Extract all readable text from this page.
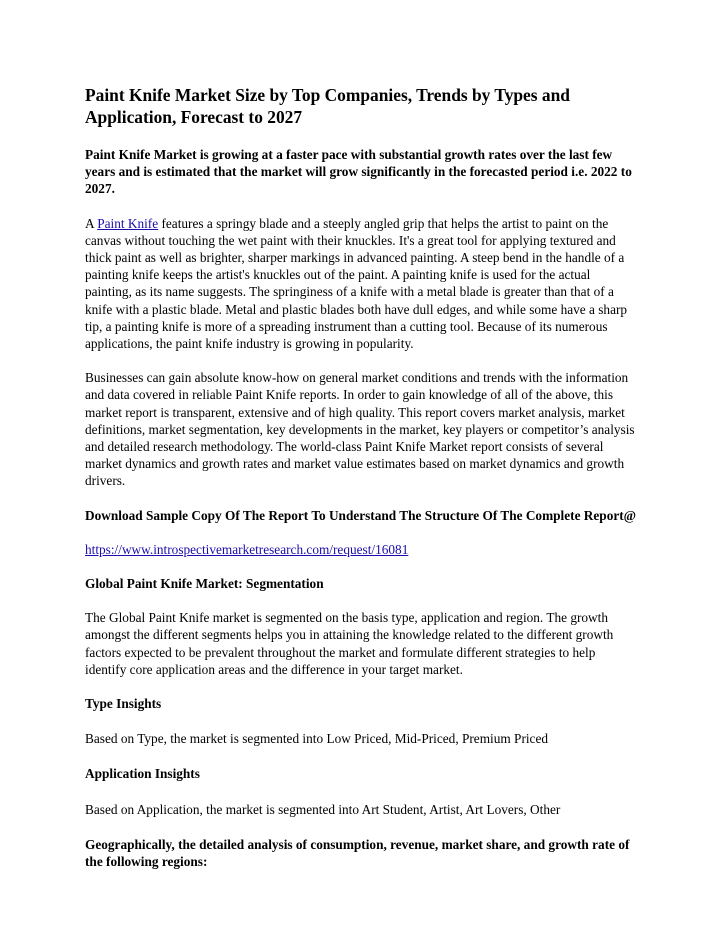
Paint Knife Market Size by Top Companies, Trends by Types and Application, Forecast to 2027

Paint Knife Market is growing at a faster pace with substantial growth rates over the last few years and is estimated that the market will grow significantly in the forecasted period i.e. 2022 to 2027.

A Paint Knife features a springy blade and a steeply angled grip that helps the artist to paint on the canvas without touching the wet paint with their knuckles. It's a great tool for applying textured and thick paint as well as brighter, sharper markings in advanced painting. A steep bend in the handle of a painting knife keeps the artist's knuckles out of the paint. A painting knife is used for the actual painting, as its name suggests. The springiness of a knife with a metal blade is greater than that of a knife with a plastic blade. Metal and plastic blades both have dull edges, and while some have a sharp tip, a painting knife is more of a spreading instrument than a cutting tool. Because of its numerous applications, the paint knife industry is growing in popularity.

Businesses can gain absolute know-how on general market conditions and trends with the information and data covered in reliable Paint Knife reports. In order to gain knowledge of all of the above, this market report is transparent, extensive and of high quality. This report covers market analysis, market definitions, market segmentation, key developments in the market, key players or competitor’s analysis and detailed research methodology. The world-class Paint Knife Market report consists of several market dynamics and growth rates and market value estimates based on market dynamics and growth drivers.

Download Sample Copy Of The Report To Understand The Structure Of The Complete Report@

https://www.introspectivemarketresearch.com/request/16081

Global Paint Knife Market: Segmentation

The Global Paint Knife market is segmented on the basis type, application and region. The growth amongst the different segments helps you in attaining the knowledge related to the different growth factors expected to be prevalent throughout the market and formulate different strategies to help identify core application areas and the difference in your target market.

Type Insights

Based on Type, the market is segmented into Low Priced, Mid-Priced, Premium Priced

Application Insights

Based on Application, the market is segmented into Art Student, Artist, Art Lovers, Other

Geographically, the detailed analysis of consumption, revenue, market share, and growth rate of the following regions:
